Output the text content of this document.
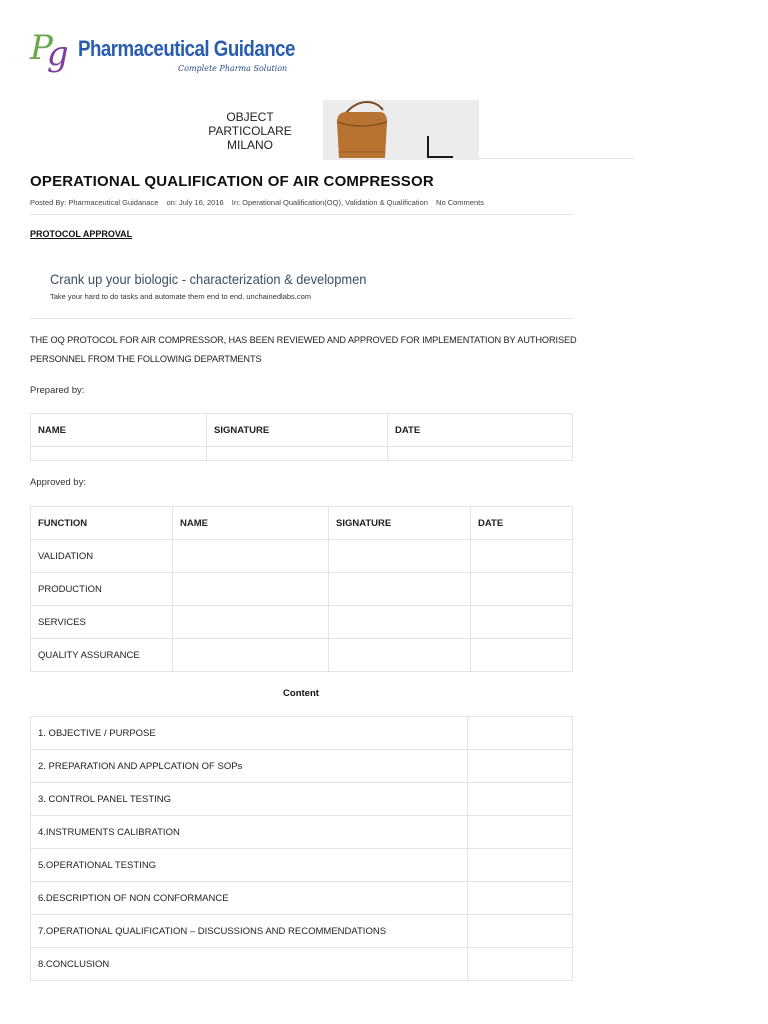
Pg Pharmaceutical Guidance
Complete Pharma Solution
OBJECT
PARTICOLARE
MILANO
OPERATIONAL QUALIFICATION OF AIR COMPRESSOR
Posted By: Pharmaceutical Guidanace on: July 16, 2016 In: Operational Qualification(OQ), Validation & Qualification No Comments
PROTOCOL APPROVAL
Crank up your biologic - characterization & developmen
Take your hard to do tasks and automate them end to end. unchainedlabs.com
THE OQ PROTOCOL FOR AIR COMPRESSOR, HAS BEEN REVIEWED AND APPROVED FOR IMPLEMENTATION BY AUTHORISED PERSONNEL FROM THE FOLLOWING DEPARTMENTS
Prepared by:
NAME	SIGNATURE	DATE

Approved by:
FUNCTION	NAME	SIGNATURE	DATE
VALIDATION			
PRODUCTION			
SERVICES			
QUALITY ASSURANCE			
Content
1. OBJECTIVE / PURPOSE	
2. PREPARATION AND APPLCATION OF SOPs	
3. CONTROL PANEL TESTING	
4.INSTRUMENTS CALIBRATION	
5.OPERATIONAL TESTING	
6.DESCRIPTION OF NON CONFORMANCE	
7.OPERATIONAL QUALIFICATION – DISCUSSIONS AND RECOMMENDATIONS	
8.CONCLUSION	
